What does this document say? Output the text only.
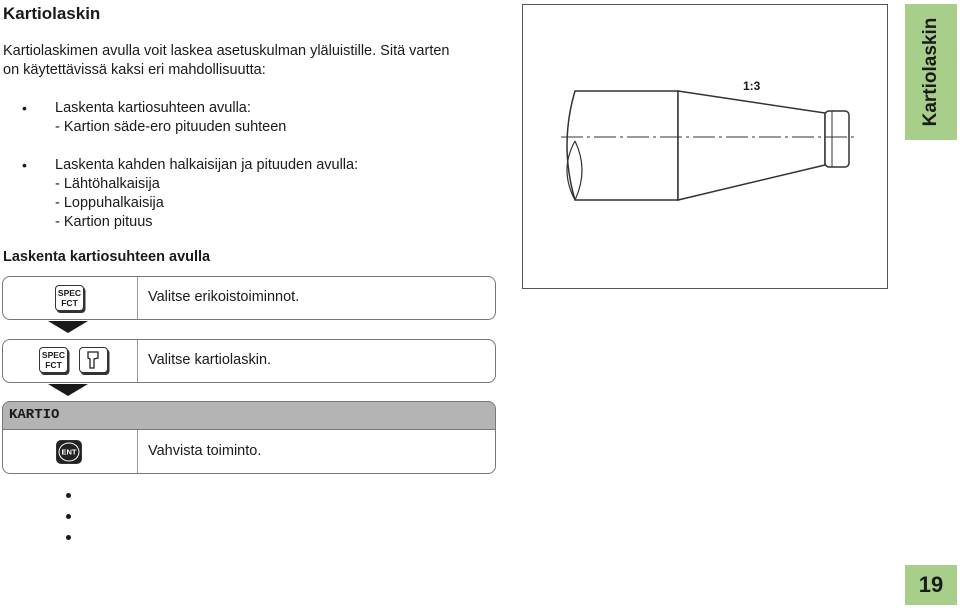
Kartiolaskin
Kartiolaskimen avulla voit laskea asetuskulman yläluistille. Sitä varten
on käytettävissä kaksi eri mahdollisuutta:
• Laskenta kartiosuhteen avulla:
- Kartion säde-ero pituuden suhteen
• Laskenta kahden halkaisijan ja pituuden avulla:
- Lähtöhalkaisija
- Loppuhalkaisija
- Kartion pituus
Laskenta kartiosuhteen avulla
1:3	Kartiolaskin
19
SPEC
FCT	Valitse erikoistoiminnot.
SPEC
FCT	Valitse kartiolaskin.
KARTIO
ENT	Vahvista toiminto.
